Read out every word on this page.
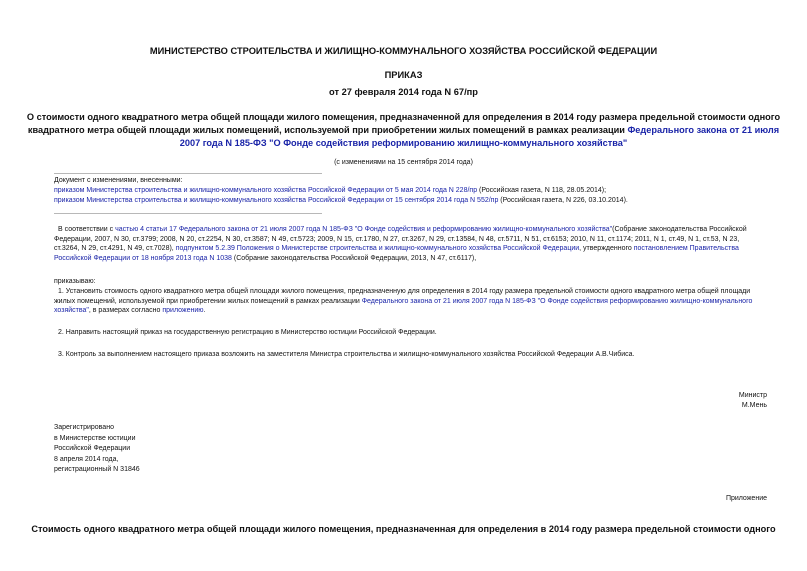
МИНИСТЕРСТВО СТРОИТЕЛЬСТВА И ЖИЛИЩНО-КОММУНАЛЬНОГО ХОЗЯЙСТВА РОССИЙСКОЙ ФЕДЕРАЦИИ
ПРИКАЗ
от 27 февраля 2014 года N 67/пр
О стоимости одного квадратного метра общей площади жилого помещения, предназначенной для определения в 2014 году размера предельной стоимости одного
квадратного метра общей площади жилых помещений, используемой при приобретении жилых помещений в рамках реализации Федерального закона от 21 июля
2007 года N 185-ФЗ "О Фонде содействия реформированию жилищно-коммунального хозяйства"
(с изменениями на 15 сентября 2014 года)
Документ с изменениями, внесенными:
приказом Министерства строительства и жилищно-коммунального хозяйства Российской Федерации от 5 мая 2014 года N 228/пр (Российская газета, N 118, 28.05.2014);
приказом Министерства строительства и жилищно-коммунального хозяйства Российской Федерации от 15 сентября 2014 года N 552/пр (Российская газета, N 226, 03.10.2014).
В соответствии с частью 4 статьи 17 Федерального закона от 21 июля 2007 года N 185-ФЗ "О Фонде содействия и реформированию жилищно-коммунального хозяйства"(Собрание законодательства Российской
Федерации, 2007, N 30, ст.3799; 2008, N 20, ст.2254, N 30, ст.3587; N 49, ст.5723; 2009, N 15, ст.1780, N 27, ст.3267, N 29, ст.13584, N 48, ст.5711, N 51, ст.6153; 2010, N 11, ст.1174; 2011, N 1, ст.49, N 1, ст.53, N 23,
ст.3264, N 29, ст.4291, N 49, ст.7028), подпунктом 5.2.39 Положения о Министерстве строительства и жилищно-коммунального хозяйства Российской Федерации, утвержденного постановлением Правительства
Российской Федерации от 18 ноября 2013 года N 1038 (Собрание законодательства Российской Федерации, 2013, N 47, ст.6117),
приказываю:
1. Установить стоимость одного квадратного метра общей площади жилого помещения, предназначенную для определения в 2014 году размера предельной стоимости одного квадратного метра общей площади
жилых помещений, используемой при приобретении жилых помещений в рамках реализации Федерального закона от 21 июля 2007 года N 185-ФЗ "О Фонде содействия реформированию жилищно-коммунального
хозяйства", в размерах согласно приложению.
2. Направить настоящий приказ на государственную регистрацию в Министерство юстиции Российской Федерации.
3. Контроль за выполнением настоящего приказа возложить на заместителя Министра строительства и жилищно-коммунального хозяйства Российской Федерации А.В.Чибиса.
Министр
М.Мень
Зарегистрировано
в Министерстве юстиции
Российской Федерации
8 апреля 2014 года,
регистрационный N 31846
Приложение
Стоимость одного квадратного метра общей площади жилого помещения, предназначенная для определения в 2014 году размера предельной стоимости одного
